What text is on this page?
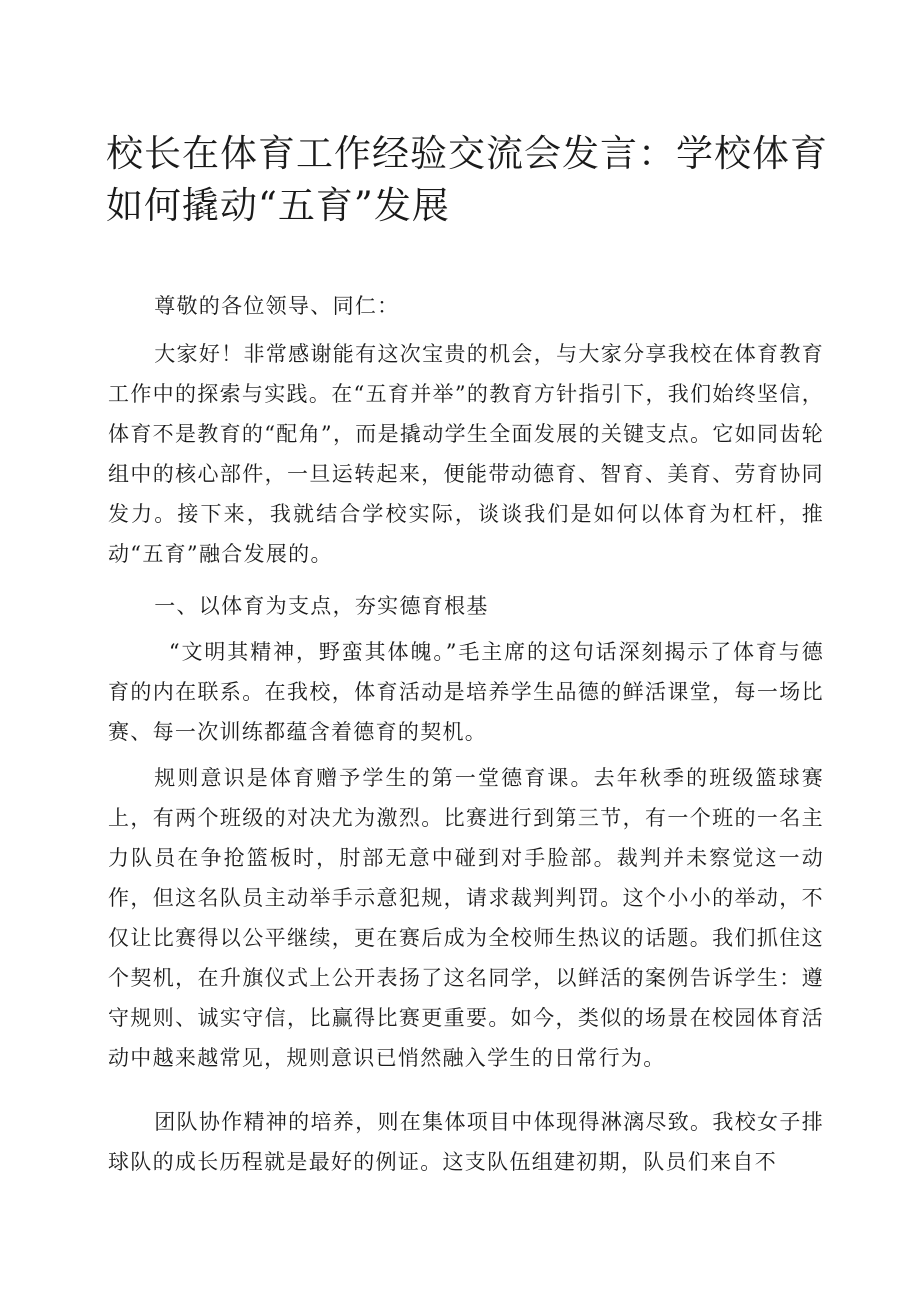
校长在体育工作经验交流会发言：学校体育如何撬动“五育”发展

尊敬的各位领导、同仁：

大家好！非常感谢能有这次宝贵的机会，与大家分享我校在体育教育工作中的探索与实践。在“五育并举”的教育方针指引下，我们始终坚信，体育不是教育的“配角”，而是撬动学生全面发展的关键支点。它如同齿轮组中的核心部件，一旦运转起来，便能带动德育、智育、美育、劳育协同发力。接下来，我就结合学校实际，谈谈我们是如何以体育为杠杆，推动“五育”融合发展的。

一、以体育为支点，夯实德育根基

“文明其精神，野蛮其体魄。”毛主席的这句话深刻揭示了体育与德育的内在联系。在我校，体育活动是培养学生品德的鲜活课堂，每一场比赛、每一次训练都蕴含着德育的契机。

规则意识是体育赠予学生的第一堂德育课。去年秋季的班级篮球赛上，有两个班级的对决尤为激烈。比赛进行到第三节，有一个班的一名主力队员在争抢篮板时，肘部无意中碰到对手脸部。裁判并未察觉这一动作，但这名队员主动举手示意犯规，请求裁判判罚。这个小小的举动，不仅让比赛得以公平继续，更在赛后成为全校师生热议的话题。我们抓住这个契机，在升旗仪式上公开表扬了这名同学，以鲜活的案例告诉学生：遵守规则、诚实守信，比赢得比赛更重要。如今，类似的场景在校园体育活动中越来越常见，规则意识已悄然融入学生的日常行为。

团队协作精神的培养，则在集体项目中体现得淋漓尽致。我校女子排球队的成长历程就是最好的例证。这支队伍组建初期，队员们来自不
